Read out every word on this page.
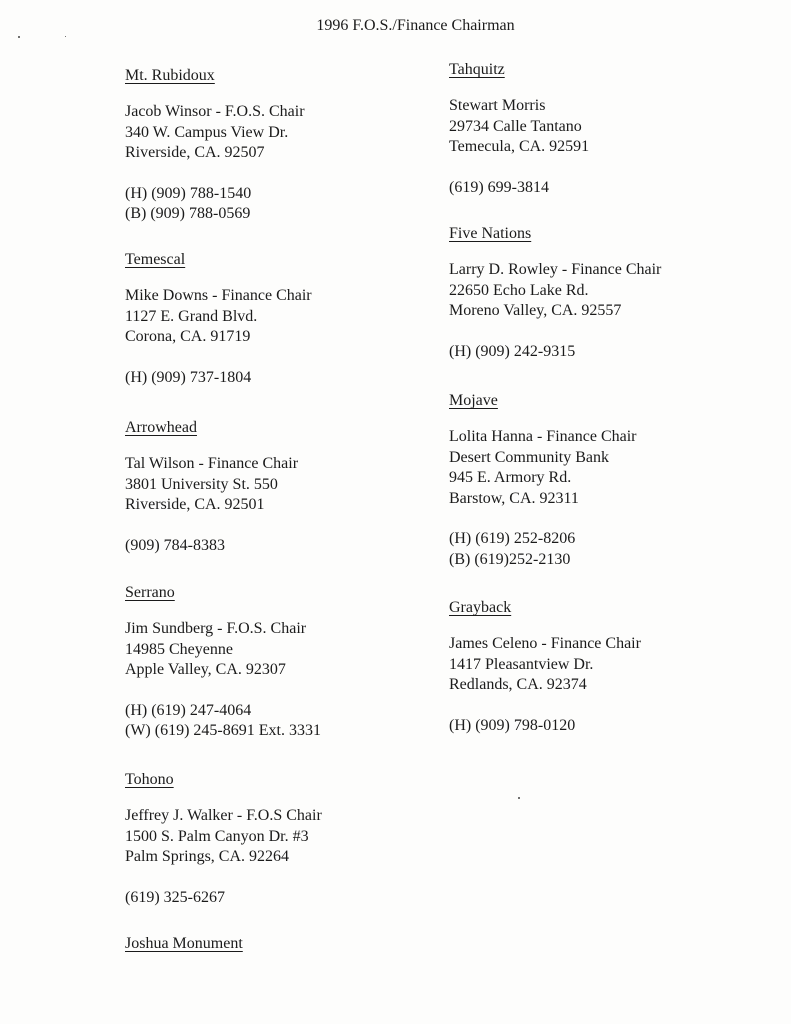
1996 F.O.S./Finance Chairman
Mt. Rubidoux
Jacob Winsor - F.O.S. Chair
340 W. Campus View Dr.
Riverside, CA. 92507
(H) (909) 788-1540
(B) (909) 788-0569
Temescal
Mike Downs - Finance Chair
1127 E. Grand Blvd.
Corona, CA. 91719
(H) (909) 737-1804
Arrowhead
Tal Wilson - Finance Chair
3801 University St. 550
Riverside, CA. 92501
(909) 784-8383
Serrano
Jim Sundberg - F.O.S. Chair
14985 Cheyenne
Apple Valley, CA. 92307
(H) (619) 247-4064
(W) (619) 245-8691 Ext. 3331
Tohono
Jeffrey J. Walker - F.O.S Chair
1500 S. Palm Canyon Dr. #3
Palm Springs, CA. 92264
(619) 325-6267
Joshua Monument
Tahquitz
Stewart Morris
29734 Calle Tantano
Temecula, CA. 92591
(619) 699-3814
Five Nations
Larry D. Rowley - Finance Chair
22650 Echo Lake Rd.
Moreno Valley, CA. 92557
(H) (909) 242-9315
Mojave
Lolita Hanna - Finance Chair
Desert Community Bank
945 E. Armory Rd.
Barstow, CA. 92311
(H) (619) 252-8206
(B) (619)252-2130
Grayback
James Celeno - Finance Chair
1417 Pleasantview Dr.
Redlands, CA. 92374
(H) (909) 798-0120
